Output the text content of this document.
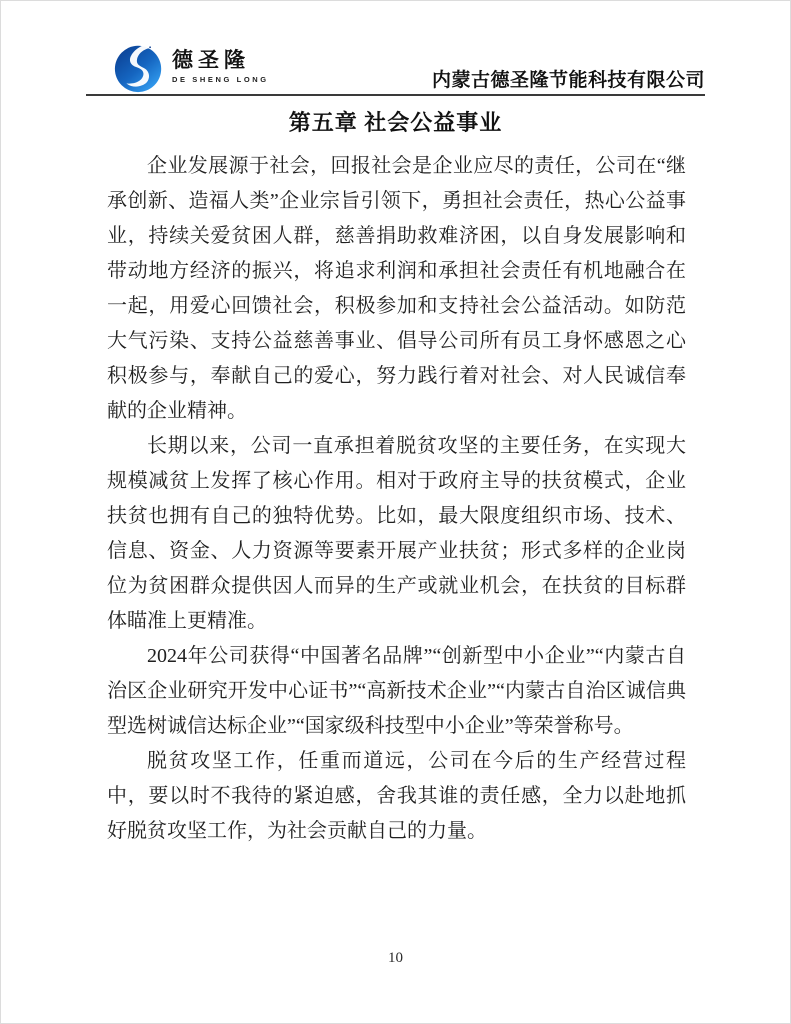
德圣隆
DE SHENG LONG	内蒙古德圣隆节能科技有限公司
第五章 社会公益事业

企业发展源于社会，回报社会是企业应尽的责任，公司在“继承创新、造福人类”企业宗旨引领下，勇担社会责任，热心公益事业，持续关爱贫困人群，慈善捐助救难济困，以自身发展影响和带动地方经济的振兴，将追求利润和承担社会责任有机地融合在一起，用爱心回馈社会，积极参加和支持社会公益活动。如防范大气污染、支持公益慈善事业、倡导公司所有员工身怀感恩之心积极参与，奉献自己的爱心，努力践行着对社会、对人民诚信奉献的企业精神。

长期以来，公司一直承担着脱贫攻坚的主要任务，在实现大规模减贫上发挥了核心作用。相对于政府主导的扶贫模式，企业扶贫也拥有自己的独特优势。比如，最大限度组织市场、技术、信息、资金、人力资源等要素开展产业扶贫；形式多样的企业岗位为贫困群众提供因人而异的生产或就业机会，在扶贫的目标群体瞄准上更精准。

2024年公司获得“中国著名品牌”“创新型中小企业”“内蒙古自治区企业研究开发中心证书”“高新技术企业”“内蒙古自治区诚信典型选树诚信达标企业”“国家级科技型中小企业”等荣誉称号。

脱贫攻坚工作，任重而道远，公司在今后的生产经营过程中，要以时不我待的紧迫感，舍我其谁的责任感，全力以赴地抓好脱贫攻坚工作，为社会贡献自己的力量。

10
